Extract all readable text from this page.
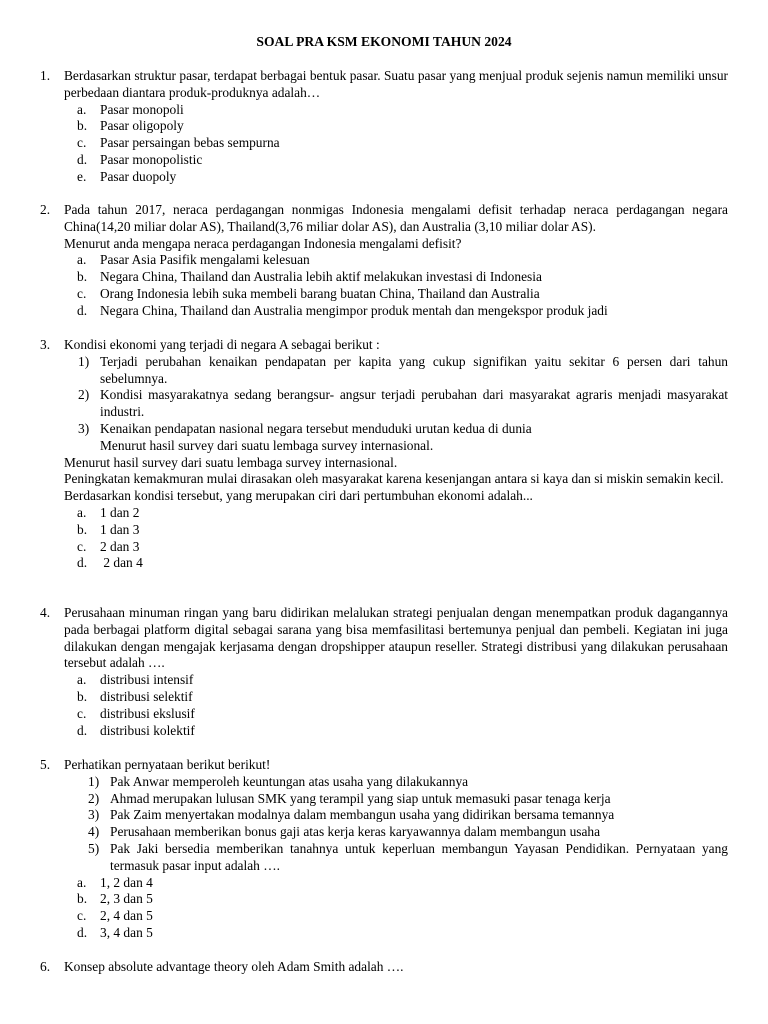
SOAL PRA KSM EKONOMI TAHUN 2024
1.	Berdasarkan struktur pasar, terdapat berbagai bentuk pasar. Suatu pasar yang menjual produk sejenis namun memiliki unsur perbedaan diantara produk-produknya adalah…

a. Pasar monopoli
b. Pasar oligopoly
c. Pasar persaingan bebas sempurna
d. Pasar monopolistic
e. Pasar duopoly
2.	Pada tahun 2017, neraca perdagangan nonmigas Indonesia mengalami defisit terhadap neraca perdagangan negara China(14,20 miliar dolar AS), Thailand(3,76 miliar dolar AS), dan Australia (3,10 miliar dolar AS).

Menurut anda mengapa neraca perdagangan Indonesia mengalami defisit?

a. Pasar Asia Pasifik mengalami kelesuan
b. Negara China, Thailand dan Australia lebih aktif melakukan investasi di Indonesia
c. Orang Indonesia lebih suka membeli barang buatan China, Thailand dan Australia
d. Negara China, Thailand dan Australia mengimpor produk mentah dan mengekspor produk jadi
3.	Kondisi ekonomi yang terjadi di negara A sebagai berikut :

1) Terjadi perubahan kenaikan pendapatan per kapita yang cukup signifikan yaitu sekitar 6 persen dari tahun sebelumnya.
2) Kondisi masyarakatnya sedang berangsur- angsur terjadi perubahan dari masyarakat agraris menjadi masyarakat industri.
3) Kenaikan pendapatan nasional negara tersebut menduduki urutan kedua di dunia
Menurut hasil survey dari suatu lembaga survey internasional.

Menurut hasil survey dari suatu lembaga survey internasional.

Peningkatan kemakmuran mulai dirasakan oleh masyarakat karena kesenjangan antara si kaya dan si miskin semakin kecil.

Berdasarkan kondisi tersebut, yang merupakan ciri dari pertumbuhan ekonomi adalah...

a. 1 dan 2
b. 1 dan 3
c. 2 dan 3
d. 2 dan 4
4.	Perusahaan minuman ringan yang baru didirikan melalukan strategi penjualan dengan menempatkan produk dagangannya pada berbagai platform digital sebagai sarana yang bisa memfasilitasi bertemunya penjual dan pembeli. Kegiatan ini juga dilakukan dengan mengajak kerjasama dengan dropshipper ataupun reseller. Strategi distribusi yang dilakukan perusahaan tersebut adalah ….

a. distribusi intensif
b. distribusi selektif
c. distribusi ekslusif
d. distribusi kolektif
5.	Perhatikan pernyataan berikut berikut!

1) Pak Anwar memperoleh keuntungan atas usaha yang dilakukannya
2) Ahmad merupakan lulusan SMK yang terampil yang siap untuk memasuki pasar tenaga kerja
3) Pak Zaim menyertakan modalnya dalam membangun usaha yang didirikan bersama temannya
4) Perusahaan memberikan bonus gaji atas kerja keras karyawannya dalam membangun usaha
5) Pak Jaki bersedia memberikan tanahnya untuk keperluan membangun Yayasan Pendidikan. Pernyataan yang termasuk pasar input adalah ….
a. 1, 2 dan 4
b. 2, 3 dan 5
c. 2, 4 dan 5
d. 3, 4 dan 5
6.	Konsep absolute advantage theory oleh Adam Smith adalah ….
